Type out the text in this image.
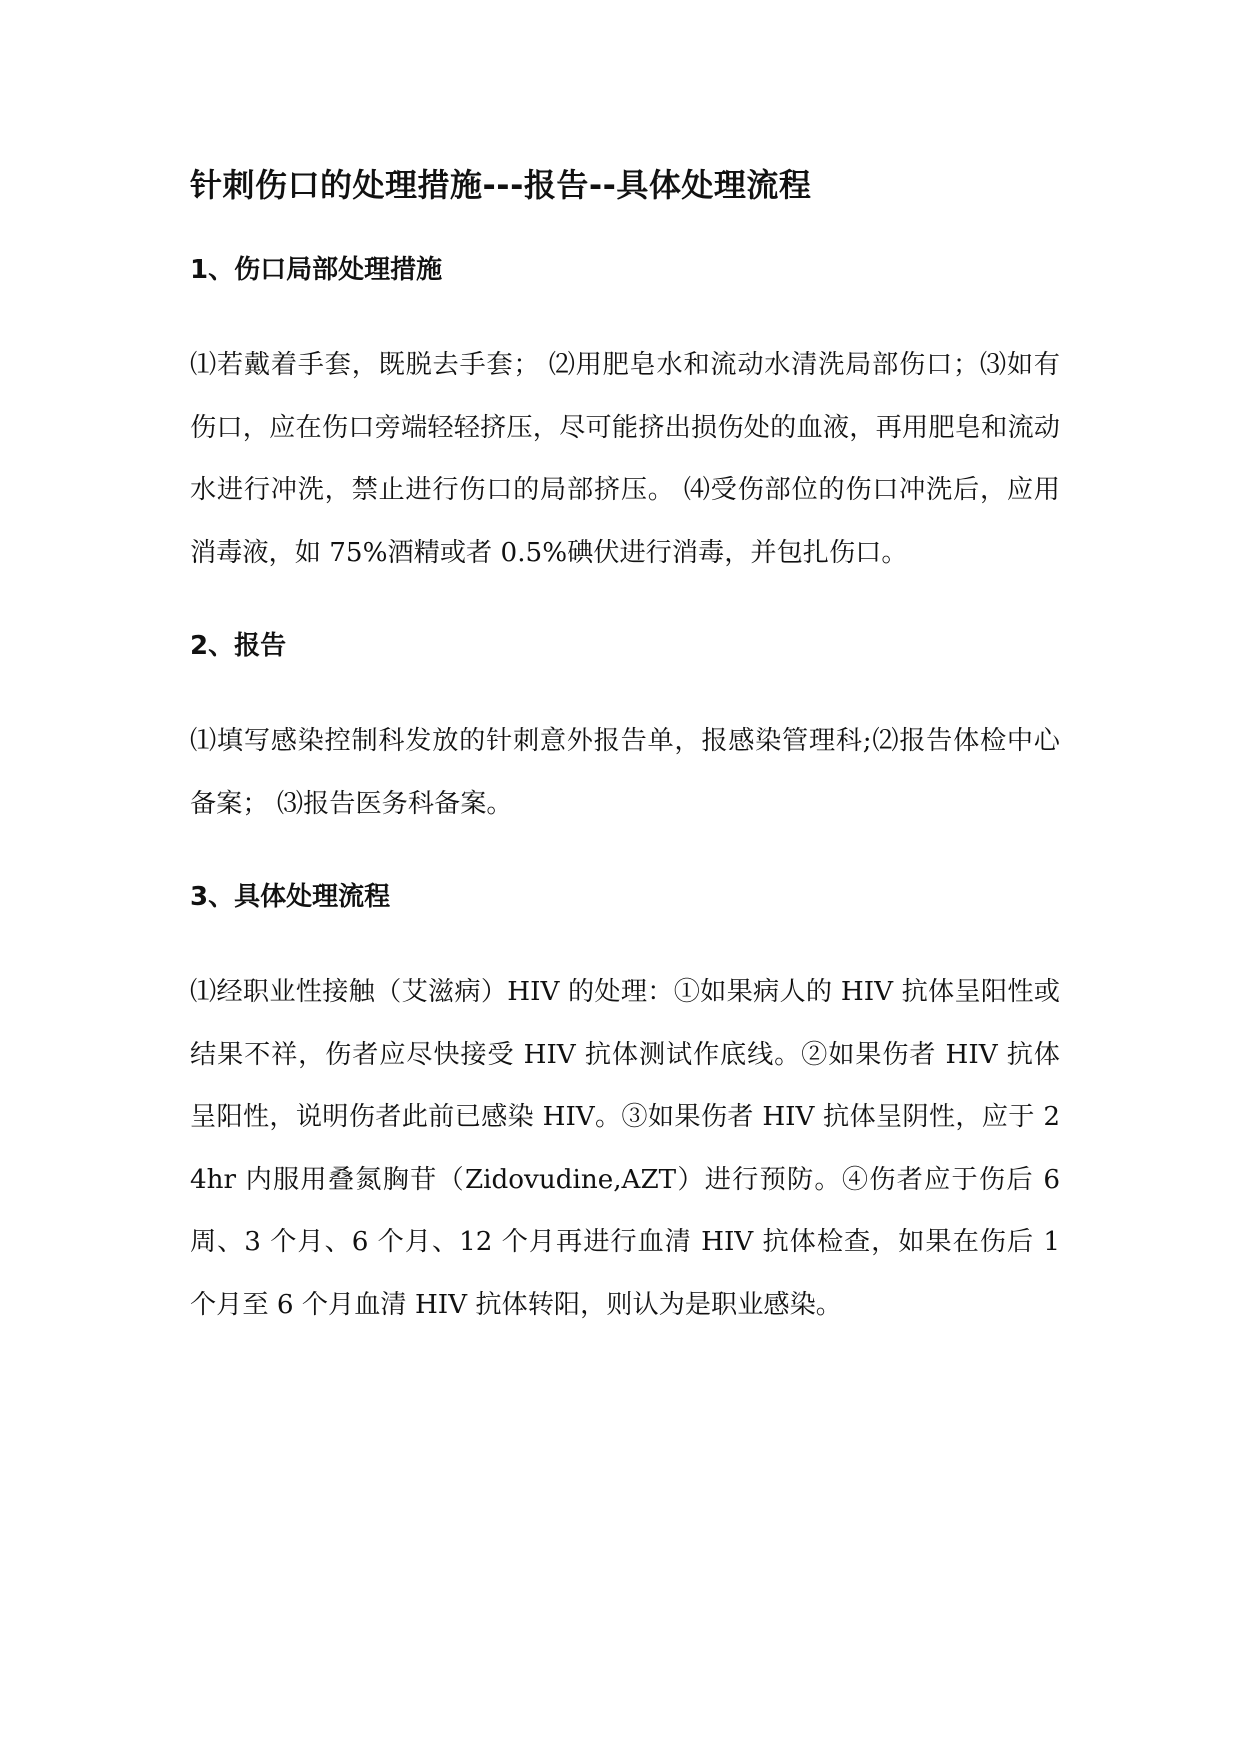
针刺伤口的处理措施---报告--具体处理流程
1、伤口局部处理措施

⑴若戴着手套，既脱去手套； ⑵用肥皂水和流动水清洗局部伤口；⑶如有伤口，应在伤口旁端轻轻挤压，尽可能挤出损伤处的血液，再用肥皂和流动水进行冲洗，禁止进行伤口的局部挤压。 ⑷受伤部位的伤口冲洗后，应用消毒液，如 75%酒精或者 0.5%碘伏进行消毒，并包扎伤口。

2、报告

⑴填写感染控制科发放的针刺意外报告单，报感染管理科;⑵报告体检中心备案； ⑶报告医务科备案。

3、具体处理流程

⑴经职业性接触（艾滋病）HIV 的处理：①如果病人的 HIV 抗体呈阳性或结果不祥，伤者应尽快接受 HIV 抗体测试作底线。②如果伤者 HIV 抗体呈阳性，说明伤者此前已感染 HIV。③如果伤者 HIV 抗体呈阴性，应于 24hr 内服用叠氮胸苷（Zidovudine,AZT）进行预防。④伤者应于伤后 6 周、3 个月、6 个月、12 个月再进行血清 HIV 抗体检查，如果在伤后 1 个月至 6 个月血清 HIV 抗体转阳，则认为是职业感染。
